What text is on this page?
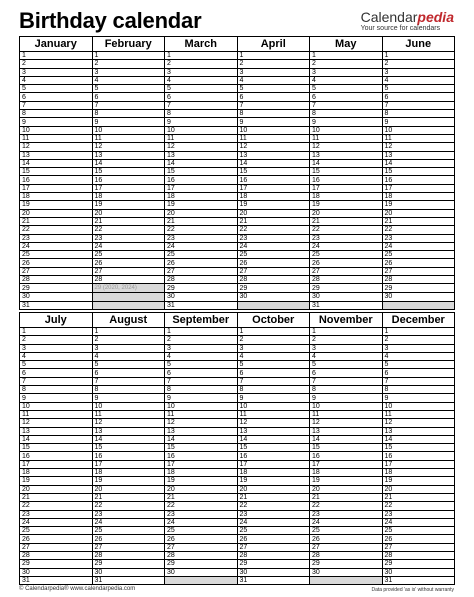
Birthday calendar	Calendarpedia
Your source for calendars
January	February	March	April	May	June
1	1	1	1	1	1
2	2	2	2	2	2
3	3	3	3	3	3
4	4	4	4	4	4
5	5	5	5	5	5
6	6	6	6	6	6
7	7	7	7	7	7
8	8	8	8	8	8
9	9	9	9	9	9
10	10	10	10	10	10
11	11	11	11	11	11
12	12	12	12	12	12
13	13	13	13	13	13
14	14	14	14	14	14
15	15	15	15	15	15
16	16	16	16	16	16
17	17	17	17	17	17
18	18	18	18	18	18
19	19	19	19	19	19
20	20	20	20	20	20
21	21	21	21	21	21
22	22	22	22	22	22
23	23	23	23	23	23
24	24	24	24	24	24
25	25	25	25	25	25
26	26	26	26	26	26
27	27	27	27	27	27
28	28	28	28	28	28
29	29 (2020, 2024)	29	29	29	29
30		30	30	30	30
31		31		31	
July	August	September	October	November	December
1	1	1	1	1	1
2	2	2	2	2	2
3	3	3	3	3	3
4	4	4	4	4	4
5	5	5	5	5	5
6	6	6	6	6	6
7	7	7	7	7	7
8	8	8	8	8	8
9	9	9	9	9	9
10	10	10	10	10	10
11	11	11	11	11	11
12	12	12	12	12	12
13	13	13	13	13	13
14	14	14	14	14	14
15	15	15	15	15	15
16	16	16	16	16	16
17	17	17	17	17	17
18	18	18	18	18	18
19	19	19	19	19	19
20	20	20	20	20	20
21	21	21	21	21	21
22	22	22	22	22	22
23	23	23	23	23	23
24	24	24	24	24	24
25	25	25	25	25	25
26	26	26	26	26	26
27	27	27	27	27	27
28	28	28	28	28	28
29	29	29	29	29	29
30	30	30	30	30	30
31	31		31		31
© Calendarpedia® www.calendarpedia.com	Data provided 'as is' without warranty
